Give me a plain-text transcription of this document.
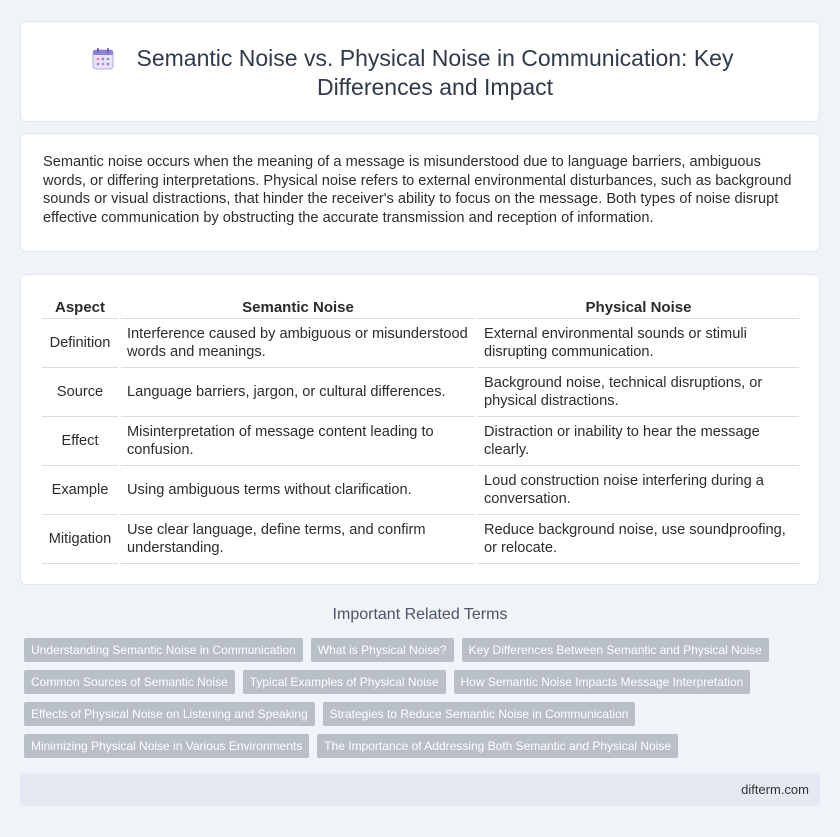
Semantic Noise vs. Physical Noise in Communication: Key Differences and Impact

Semantic noise occurs when the meaning of a message is misunderstood due to language barriers, ambiguous words, or differing interpretations. Physical noise refers to external environmental disturbances, such as background sounds or visual distractions, that hinder the receiver's ability to focus on the message. Both types of noise disrupt effective communication by obstructing the accurate transmission and reception of information.

Aspect		Semantic Noise		Physical Noise
Definition		Interference caused by ambiguous or misunderstood words and meanings.		External environmental sounds or stimuli disrupting communication.
Source		Language barriers, jargon, or cultural differences.		Background noise, technical disruptions, or physical distractions.
Effect		Misinterpretation of message content leading to confusion.		Distraction or inability to hear the message clearly.
Example		Using ambiguous terms without clarification.		Loud construction noise interfering during a conversation.
Mitigation		Use clear language, define terms, and confirm understanding.		Reduce background noise, use soundproofing, or relocate.
Important Related Terms
Understanding Semantic Noise in Communication	What is Physical Noise?	Key Differences Between Semantic and Physical Noise
Common Sources of Semantic Noise	Typical Examples of Physical Noise	How Semantic Noise Impacts Message Interpretation
Effects of Physical Noise on Listening and Speaking	Strategies to Reduce Semantic Noise in Communication
Minimizing Physical Noise in Various Environments	The Importance of Addressing Both Semantic and Physical Noise
difterm.com
